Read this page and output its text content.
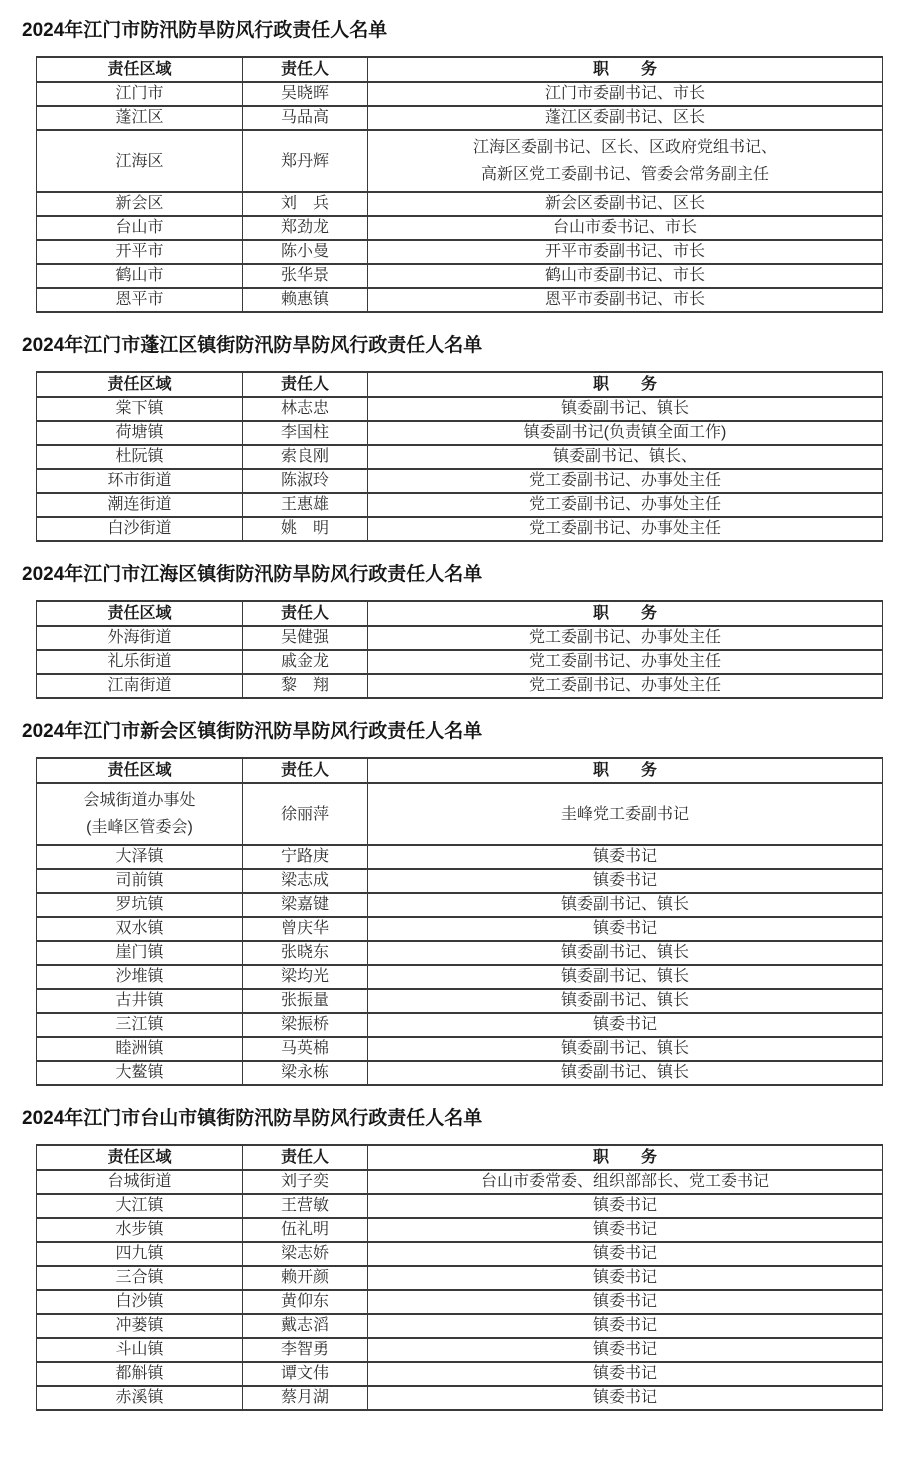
2024年江门市防汛防旱防风行政责任人名单
责任区域	责任人	职　　务

江门市	吴晓晖	江门市委副书记、市长

蓬江区	马品高	蓬江区委副书记、区长

江海区	郑丹辉	江海区委副书记、区长、区政府党组书记、
高新区党工委副书记、管委会常务副主任

新会区	刘　兵	新会区委副书记、区长

台山市	郑劲龙	台山市委书记、市长

开平市	陈小曼	开平市委副书记、市长

鹤山市	张华景	鹤山市委副书记、市长

恩平市	赖惠镇	恩平市委副书记、市长
2024年江门市蓬江区镇街防汛防旱防风行政责任人名单
责任区域	责任人	职　　务

棠下镇	林志忠	镇委副书记、镇长

荷塘镇	李国柱	镇委副书记(负责镇全面工作)

杜阮镇	索良刚	镇委副书记、镇长、

环市街道	陈淑玲	党工委副书记、办事处主任

潮连街道	王惠雄	党工委副书记、办事处主任

白沙街道	姚　明	党工委副书记、办事处主任
2024年江门市江海区镇街防汛防旱防风行政责任人名单
责任区域	责任人	职　　务

外海街道	吴健强	党工委副书记、办事处主任

礼乐街道	戚金龙	党工委副书记、办事处主任

江南街道	黎　翔	党工委副书记、办事处主任
2024年江门市新会区镇街防汛防旱防风行政责任人名单
责任区域	责任人	职　　务

会城街道办事处
(圭峰区管委会)	徐丽萍	圭峰党工委副书记

大泽镇	宁路庚	镇委书记

司前镇	梁志成	镇委书记

罗坑镇	梁嘉键	镇委副书记、镇长

双水镇	曾庆华	镇委书记

崖门镇	张晓东	镇委副书记、镇长

沙堆镇	梁均光	镇委副书记、镇长

古井镇	张振量	镇委副书记、镇长

三江镇	梁振桥	镇委书记

睦洲镇	马英棉	镇委副书记、镇长

大鳌镇	梁永栋	镇委副书记、镇长
2024年江门市台山市镇街防汛防旱防风行政责任人名单
责任区域	责任人	职　　务

台城街道	刘子奕	台山市委常委、组织部部长、党工委书记

大江镇	王营敏	镇委书记

水步镇	伍礼明	镇委书记

四九镇	梁志娇	镇委书记

三合镇	赖开颜	镇委书记

白沙镇	黄仰东	镇委书记

冲蒌镇	戴志滔	镇委书记

斗山镇	李智勇	镇委书记

都斛镇	谭文伟	镇委书记

赤溪镇	蔡月湖	镇委书记
